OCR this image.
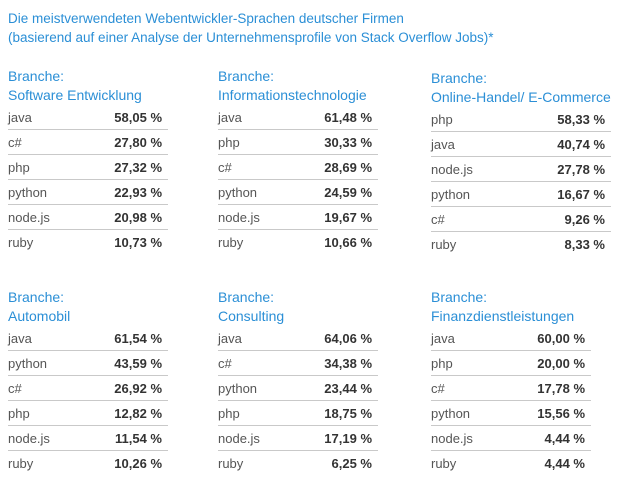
Die meistverwendeten Webentwickler-Sprachen deutscher Firmen
(basierend auf einer Analyse der Unternehmensprofile von Stack Overflow Jobs)*
Branche:
Software Entwicklung
java	58,05 %
c#	27,80 %
php	27,32 %
python	22,93 %
node.js	20,98 %
ruby	10,73 %
Branche:
Informationstechnologie
java	61,48 %
php	30,33 %
c#	28,69 %
python	24,59 %
node.js	19,67 %
ruby	10,66 %
Branche:
Online-Handel/ E-Commerce
php	58,33 %
java	40,74 %
node.js	27,78 %
python	16,67 %
c#	9,26 %
ruby	8,33 %
Branche:
Automobil
java	61,54 %
python	43,59 %
c#	26,92 %
php	12,82 %
node.js	11,54 %
ruby	10,26 %
Branche:
Consulting
java	64,06 %
c#	34,38 %
python	23,44 %
php	18,75 %
node.js	17,19 %
ruby	6,25 %
Branche:
Finanzdienstleistungen
java	60,00 %
php	20,00 %
c#	17,78 %
python	15,56 %
node.js	4,44 %
ruby	4,44 %
